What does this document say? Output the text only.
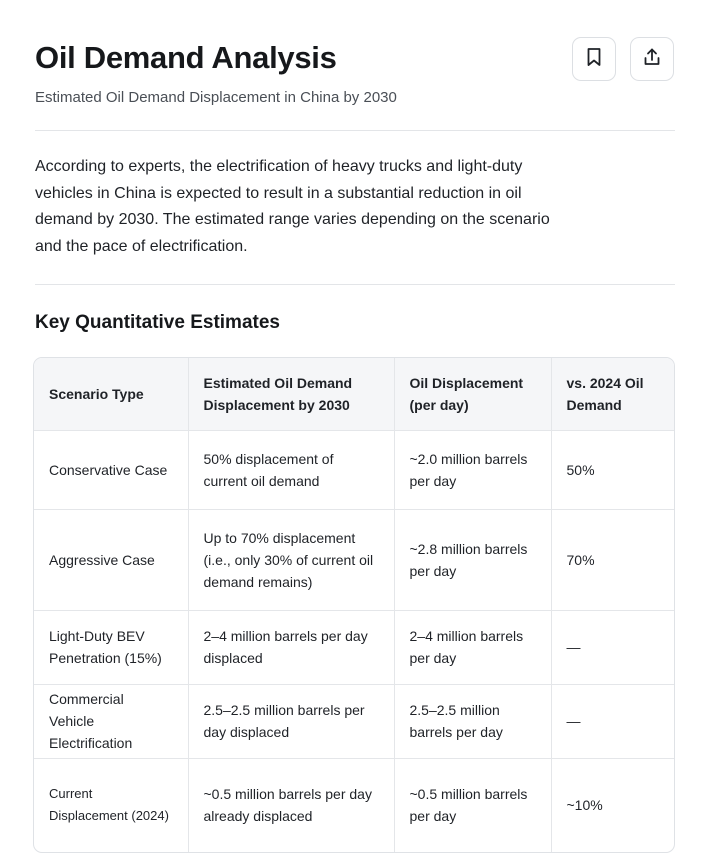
Oil Demand Analysis
Estimated Oil Demand Displacement in China by 2030

According to experts, the electrification of heavy trucks and light-duty vehicles in China is expected to result in a substantial reduction in oil demand by 2030. The estimated range varies depending on the scenario and the pace of electrification.

Key Quantitative Estimates
Scenario Type	Estimated Oil Demand Displacement by 2030	Oil Displacement (per day)	vs. 2024 Oil Demand
Conservative Case	50% displacement of current oil demand	~2.0 million barrels per day	50%
Aggressive Case	Up to 70% displacement (i.e., only 30% of current oil demand remains)	~2.8 million barrels per day	70%
Light-Duty BEV Penetration (15%)	2–4 million barrels per day displaced	2–4 million barrels per day	—
Commercial Vehicle Electrification	2.5–2.5 million barrels per day displaced	2.5–2.5 million barrels per day	—
Current Displacement (2024)	~0.5 million barrels per day already displaced	~0.5 million barrels per day	~10%
